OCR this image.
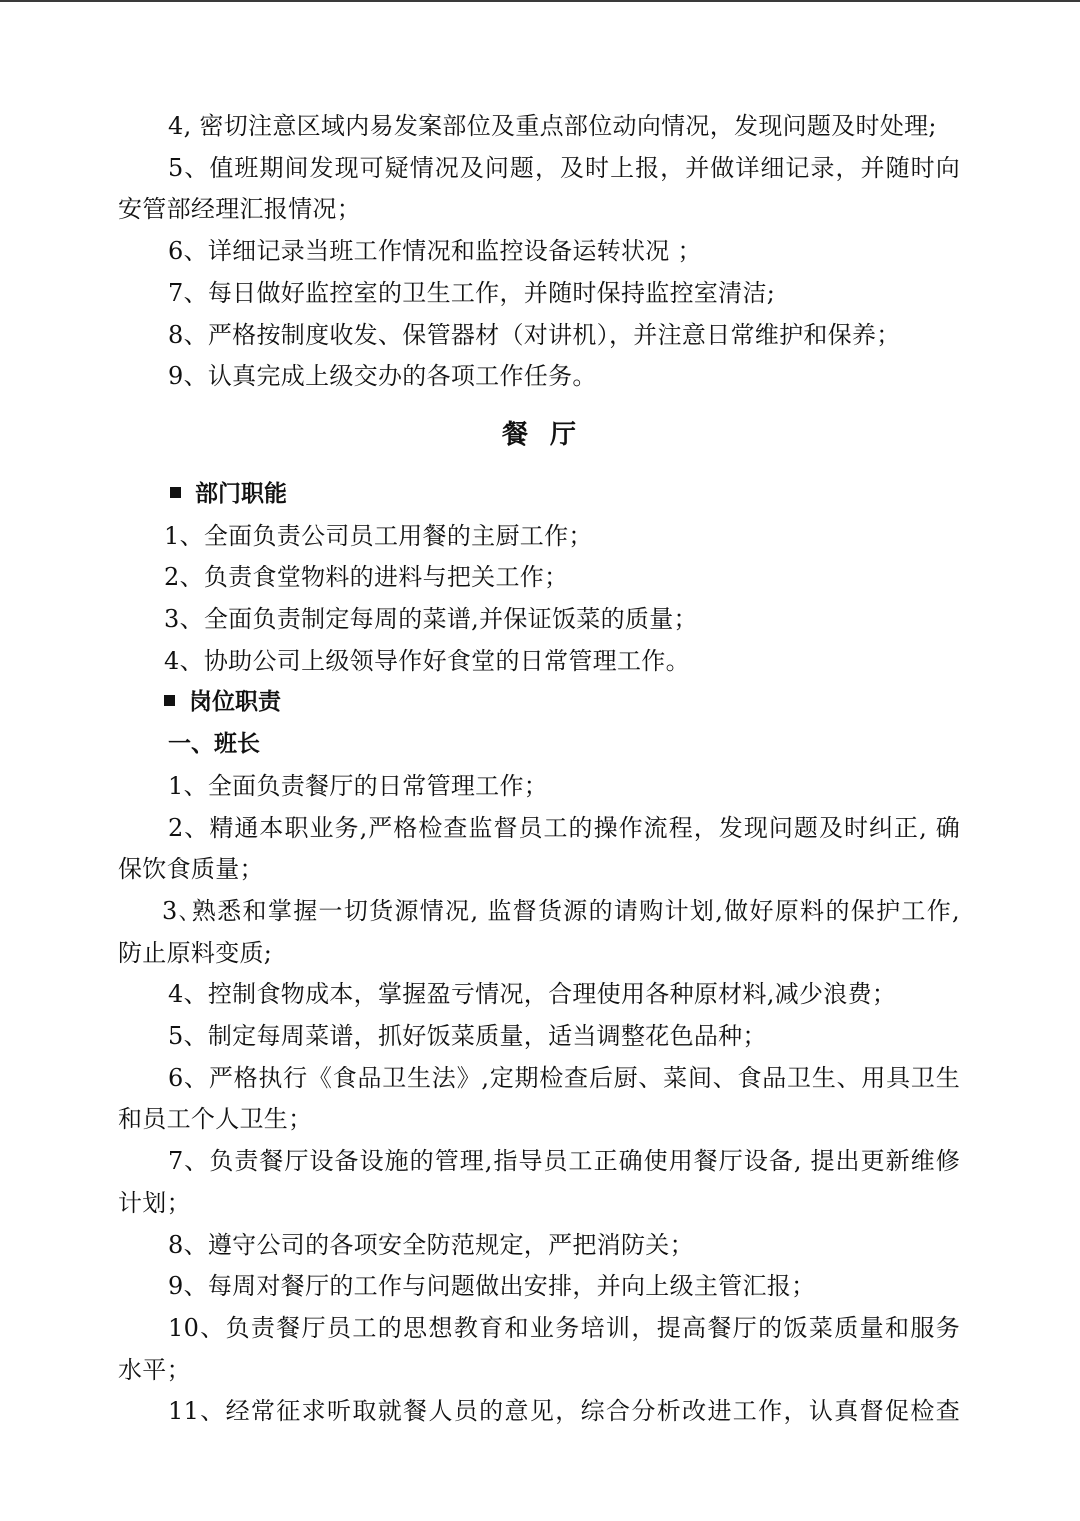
4, 密切注意区域内易发案部位及重点部位动向情况，发现问题及时处理;
5、值班期间发现可疑情况及问题，及时上报，并做详细记录，并随时向
安管部经理汇报情况；
6、详细记录当班工作情况和监控设备运转状况 ；
7、每日做好监控室的卫生工作，并随时保持监控室清洁;
8、严格按制度收发、保管器材（对讲机），并注意日常维护和保养；
9、认真完成上级交办的各项工作任务。
餐厅
部门职能
1、全面负责公司员工用餐的主厨工作；
2、负责食堂物料的进料与把关工作；
3、全面负责制定每周的菜谱,并保证饭菜的质量；
4、协助公司上级领导作好食堂的日常管理工作。
岗位职责
一、班长
1、全面负责餐厅的日常管理工作；
2、精通本职业务,严格检查监督员工的操作流程，发现问题及时纠正, 确
保饮食质量；
3､熟悉和掌握一切货源情况, 监督货源的请购计划,做好原料的保护工作,
防止原料变质;
4、控制食物成本，掌握盈亏情况，合理使用各种原材料,减少浪费；
5、制定每周菜谱，抓好饭菜质量，适当调整花色品种；
6、严格执行《食品卫生法》,定期检查后厨、菜间、食品卫生、用具卫生
和员工个人卫生；
7、负责餐厅设备设施的管理,指导员工正确使用餐厅设备, 提出更新维修
计划；
8、遵守公司的各项安全防范规定，严把消防关；
9、每周对餐厅的工作与问题做出安排，并向上级主管汇报；
10、负责餐厅员工的思想教育和业务培训，提高餐厅的饭菜质量和服务
水平；
11、经常征求听取就餐人员的意见，综合分析改进工作，认真督促检查
